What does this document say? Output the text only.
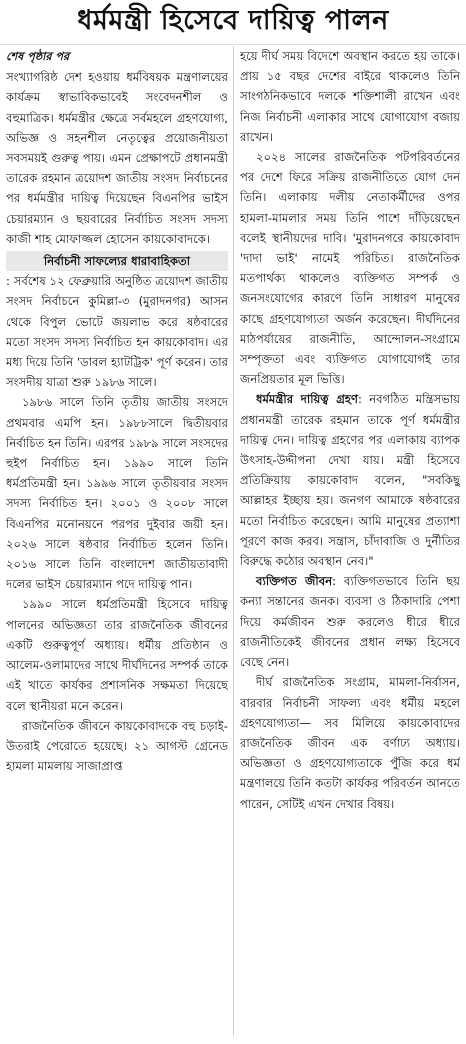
ধর্মমন্ত্রী হিসেবে দায়িত্ব পালন

শেষ পৃষ্ঠার পর

সংখ্যাগরিষ্ঠ দেশ হওয়ায় ধর্মবিষয়ক মন্ত্রণালয়ের কার্যক্রম স্বাভাবিকভাবেই সংবেদনশীল ও বহুমাত্রিক। ধর্মমন্ত্রীর ক্ষেত্রে সর্বমহলে গ্রহণযোগ্য, অভিজ্ঞ ও সহনশীল নেতৃত্বের প্রয়োজনীয়তা সবসময়ই গুরুত্ব পায়। এমন প্রেক্ষাপটে প্রধানমন্ত্রী তারেক রহমান ত্রয়োদশ জাতীয় সংসদ নির্বাচনের পর ধর্মমন্ত্রীর দায়িত্ব দিয়েছেন বিএনপির ভাইস চেয়ারম্যান ও ছয়বারের নির্বাচিত সংসদ সদস্য কাজী শাহ মোফাজ্জল হোসেন কায়কোবাদকে।

নির্বাচনী সাফল্যের ধারাবাহিকতা

: সর্বশেষ ১২ ফেব্রুয়ারি অনুষ্ঠিত ত্রয়োদশ জাতীয় সংসদ নির্বাচনে কুমিল্লা-৩ (মুরাদনগর) আসন থেকে বিপুল ভোটে জয়লাভ করে ষষ্ঠবারের মতো সংসদ সদস্য নির্বাচিত হন কায়কোবাদ। এর মধ্য দিয়ে তিনি 'ডাবল হ্যাটট্রিক' পূর্ণ করেন। তার সংসদীয় যাত্রা শুরু ১৯৮৬ সালে।

১৯৮৬ সালে তিনি তৃতীয় জাতীয় সংসদে প্রথমবার এমপি হন। ১৯৮৮সালে দ্বিতীয়বার নির্বাচিত হন তিনি। এরপর ১৯৮৯ সালে সংসদের হুইপ নির্বাচিত হন। ১৯৯০ সালে তিনি ধর্মপ্রতিমন্ত্রী হন। ১৯৯৬ সালে তৃতীয়বার সংসদ সদস্য নির্বাচিত হন। ২০০১ ও ২০০৮ সালে বিএনপির মনোনয়নে পরপর দুইবার জয়ী হন। ২০২৬ সালে ষষ্ঠবার নির্বাচিত হলেন তিনি। ২০১৬ সালে তিনি বাংলাদেশ জাতীয়তাবাদী দলের ভাইস চেয়ারম্যান পদে দায়িত্ব পান।

১৯৯০ সালে ধর্মপ্রতিমন্ত্রী হিসেবে দায়িত্ব পালনের অভিজ্ঞতা তার রাজনৈতিক জীবনের একটি গুরুত্বপূর্ণ অধ্যায়। ধর্মীয় প্রতিষ্ঠান ও আলেম-ওলামাদের সাথে দীর্ঘদিনের সম্পর্ক তাকে এই খাতে কার্যকর প্রশাসনিক সক্ষমতা দিয়েছে বলে স্থানীয়রা মনে করেন।

রাজনৈতিক জীবনে কায়কোবাদকে বহু চড়াই-উতরাই পেরোতে হয়েছে। ২১ আগস্ট গ্রেনেড হামলা মামলায় সাজাপ্রাপ্ত

হয়ে দীর্ঘ সময় বিদেশে অবস্থান করতে হয় তাকে। প্রায় ১৫ বছর দেশের বাইরে থাকলেও তিনি সাংগঠনিকভাবে দলকে শক্তিশালী রাখেন এবং নিজ নির্বাচনী এলাকার সাথে যোগাযোগ বজায় রাখেন।

২০২৪ সালের রাজনৈতিক পটপরিবর্তনের পর দেশে ফিরে সক্রিয় রাজনীতিতে যোগ দেন তিনি। এলাকায় দলীয় নেতাকর্মীদের ওপর হামলা-মামলার সময় তিনি পাশে দাঁড়িয়েছেন বলেই স্থানীয়দের দাবি। 'মুরাদনগরে কায়কোবাদ 'দাদা ভাই' নামেই পরিচিত। রাজনৈতিক মতপার্থক্য থাকলেও ব্যক্তিগত সম্পর্ক ও জনসংযোগের কারণে তিনি সাধারণ মানুষের কাছে গ্রহণযোগ্যতা অর্জন করেছেন। দীর্ঘদিনের মাঠপর্যায়ের রাজনীতি, আন্দোলন-সংগ্রামে সম্পৃক্ততা এবং ব্যক্তিগত যোগাযোগই তার জনপ্রিয়তার মূল ভিত্তি।

ধর্মমন্ত্রীর দায়িত্ব গ্রহণ: নবগঠিত মন্ত্রিসভায় প্রধানমন্ত্রী তারেক রহমান তাকে পূর্ণ ধর্মমন্ত্রীর দায়িত্ব দেন। দায়িত্ব গ্রহণের পর এলাকায় ব্যাপক উৎসাহ-উদ্দীপনা দেখা যায়। মন্ত্রী হিসেবে প্রতিক্রিয়ায় কায়কোবাদ বলেন, "সবকিছু আল্লাহর ইচ্ছায় হয়। জনগণ আমাকে ষষ্ঠবারের মতো নির্বাচিত করেছেন। আমি মানুষের প্রত্যাশা পূরণে কাজ করব। সন্ত্রাস, চাঁদাবাজি ও দুর্নীতির বিরুদ্ধে কঠোর অবস্থান নেব।"

ব্যক্তিগত জীবন: ব্যক্তিগতভাবে তিনি ছয় কন্যা সন্তানের জনক। ব্যবসা ও ঠিকাদারি পেশা দিয়ে কর্মজীবন শুরু করলেও ধীরে ধীরে রাজনীতিকেই জীবনের প্রধান লক্ষ্য হিসেবে বেছে নেন।

দীর্ঘ রাজনৈতিক সংগ্রাম, মামলা-নির্বাসন, বারবার নির্বাচনী সাফল্য এবং ধর্মীয় মহলে গ্রহণযোগ্যতা— সব মিলিয়ে কায়কোবাদের রাজনৈতিক জীবন এক বর্ণাঢ্য অধ্যায়। অভিজ্ঞতা ও গ্রহণযোগ্যতাকে পুঁজি করে ধর্ম মন্ত্রণালয়ে তিনি কতটা কার্যকর পরিবর্তন আনতে পারেন, সেটিই এখন দেখার বিষয়।
